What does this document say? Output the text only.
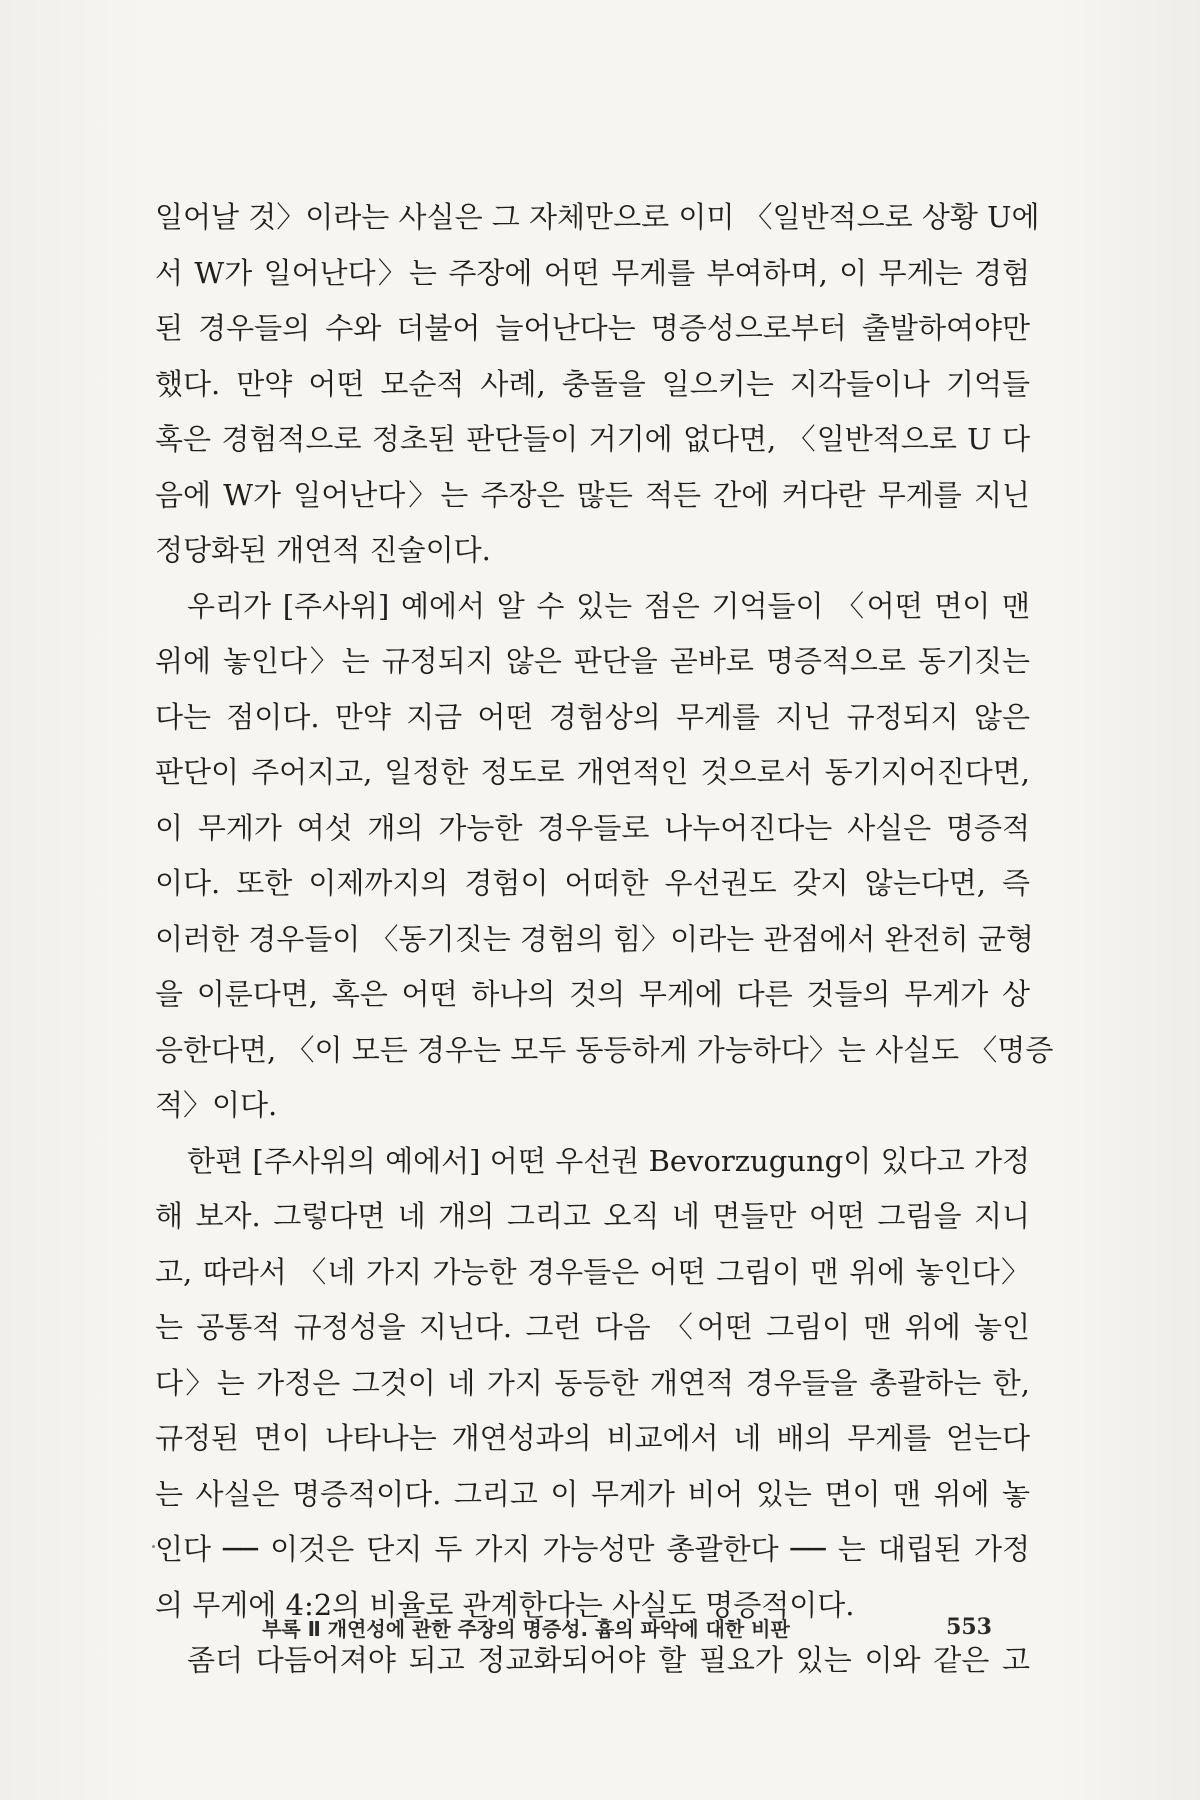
일어날 것〉이라는 사실은 그 자체만으로 이미 〈일반적으로 상황 U에
서 W가 일어난다〉는 주장에 어떤 무게를 부여하며, 이 무게는 경험
된 경우들의 수와 더불어 늘어난다는 명증성으로부터 출발하여야만
했다. 만약 어떤 모순적 사례, 충돌을 일으키는 지각들이나 기억들
혹은 경험적으로 정초된 판단들이 거기에 없다면, 〈일반적으로 U 다
음에 W가 일어난다〉는 주장은 많든 적든 간에 커다란 무게를 지닌
정당화된 개연적 진술이다.
우리가 [주사위] 예에서 알 수 있는 점은 기억들이 〈어떤 면이 맨
위에 놓인다〉는 규정되지 않은 판단을 곧바로 명증적으로 동기짓는
다는 점이다. 만약 지금 어떤 경험상의 무게를 지닌 규정되지 않은
판단이 주어지고, 일정한 정도로 개연적인 것으로서 동기지어진다면,
이 무게가 여섯 개의 가능한 경우들로 나누어진다는 사실은 명증적
이다. 또한 이제까지의 경험이 어떠한 우선권도 갖지 않는다면, 즉
이러한 경우들이 〈동기짓는 경험의 힘〉이라는 관점에서 완전히 균형
을 이룬다면, 혹은 어떤 하나의 것의 무게에 다른 것들의 무게가 상
응한다면, 〈이 모든 경우는 모두 동등하게 가능하다〉는 사실도 〈명증
적〉이다.
한편 [주사위의 예에서] 어떤 우선권 Bevorzugung이 있다고 가정
해 보자. 그렇다면 네 개의 그리고 오직 네 면들만 어떤 그림을 지니
고, 따라서 〈네 가지 가능한 경우들은 어떤 그림이 맨 위에 놓인다〉
는 공통적 규정성을 지닌다. 그런 다음 〈어떤 그림이 맨 위에 놓인
다〉는 가정은 그것이 네 가지 동등한 개연적 경우들을 총괄하는 한,
규정된 면이 나타나는 개연성과의 비교에서 네 배의 무게를 얻는다
는 사실은 명증적이다. 그리고 이 무게가 비어 있는 면이 맨 위에 놓
인다 ── 이것은 단지 두 가지 가능성만 총괄한다 ── 는 대립된 가정
의 무게에 4:2의 비율로 관계한다는 사실도 명증적이다.
좀더 다듬어져야 되고 정교화되어야 할 필요가 있는 이와 같은 고
부록 Ⅱ 개연성에 관한 주장의 명증성. 흄의 파악에 대한 비판	553
